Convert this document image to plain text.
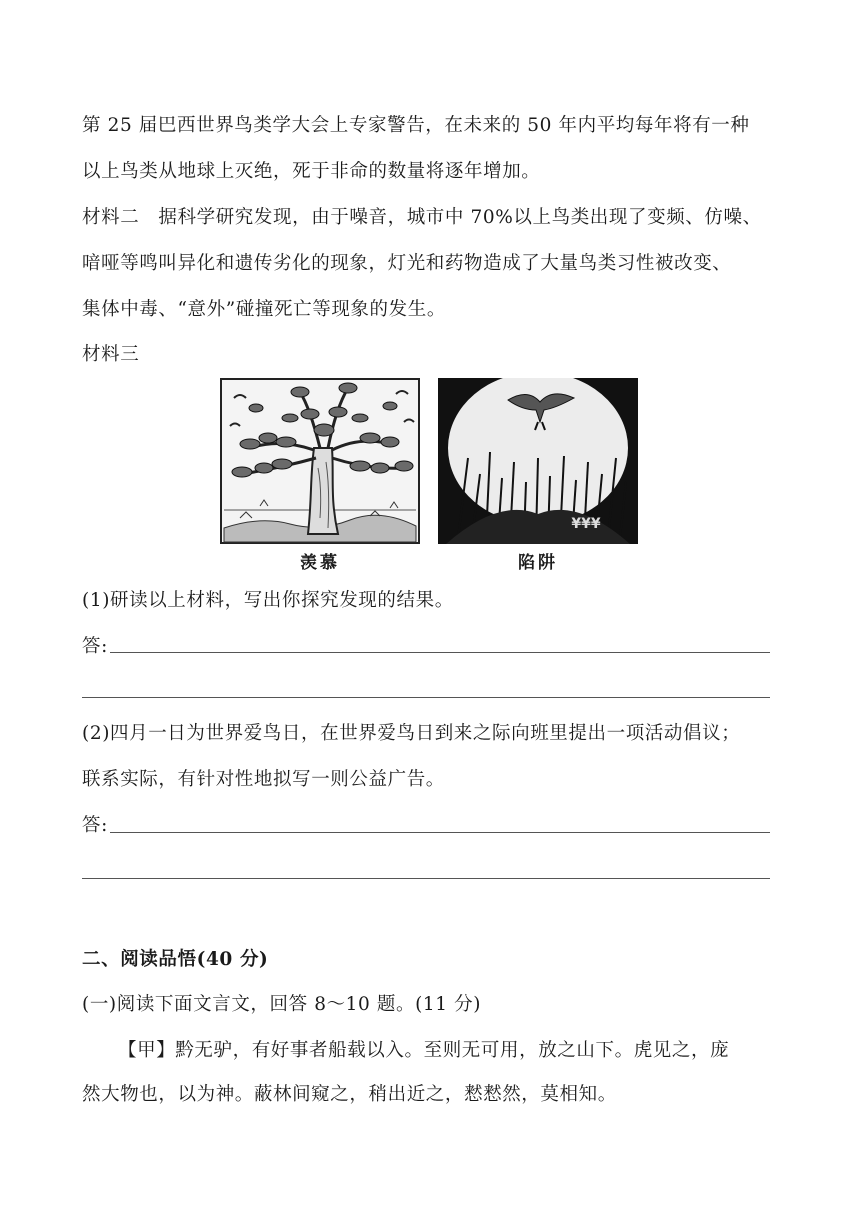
第 25 届巴西世界鸟类学大会上专家警告，在未来的 50 年内平均每年将有一种
以上鸟类从地球上灭绝，死于非命的数量将逐年增加。
材料二　据科学研究发现，由于噪音，城市中 70%以上鸟类出现了变频、仿噪、
喑哑等鸣叫异化和遗传劣化的现象，灯光和药物造成了大量鸟类习性被改变、
集体中毒、“意外”碰撞死亡等现象的发生。
材料三
¥¥¥
羡慕	陷阱
(1)研读以上材料，写出你探究发现的结果。
答:
(2)四月一日为世界爱鸟日，在世界爱鸟日到来之际向班里提出一项活动倡议；
联系实际，有针对性地拟写一则公益广告。
答:
二、阅读品悟(40 分)
(一)阅读下面文言文，回答 8～10 题。(11 分)
【甲】黔无驴，有好事者船载以入。至则无可用，放之山下。虎见之，庞
然大物也，以为神。蔽林间窥之，稍出近之，慭慭然，莫相知。
